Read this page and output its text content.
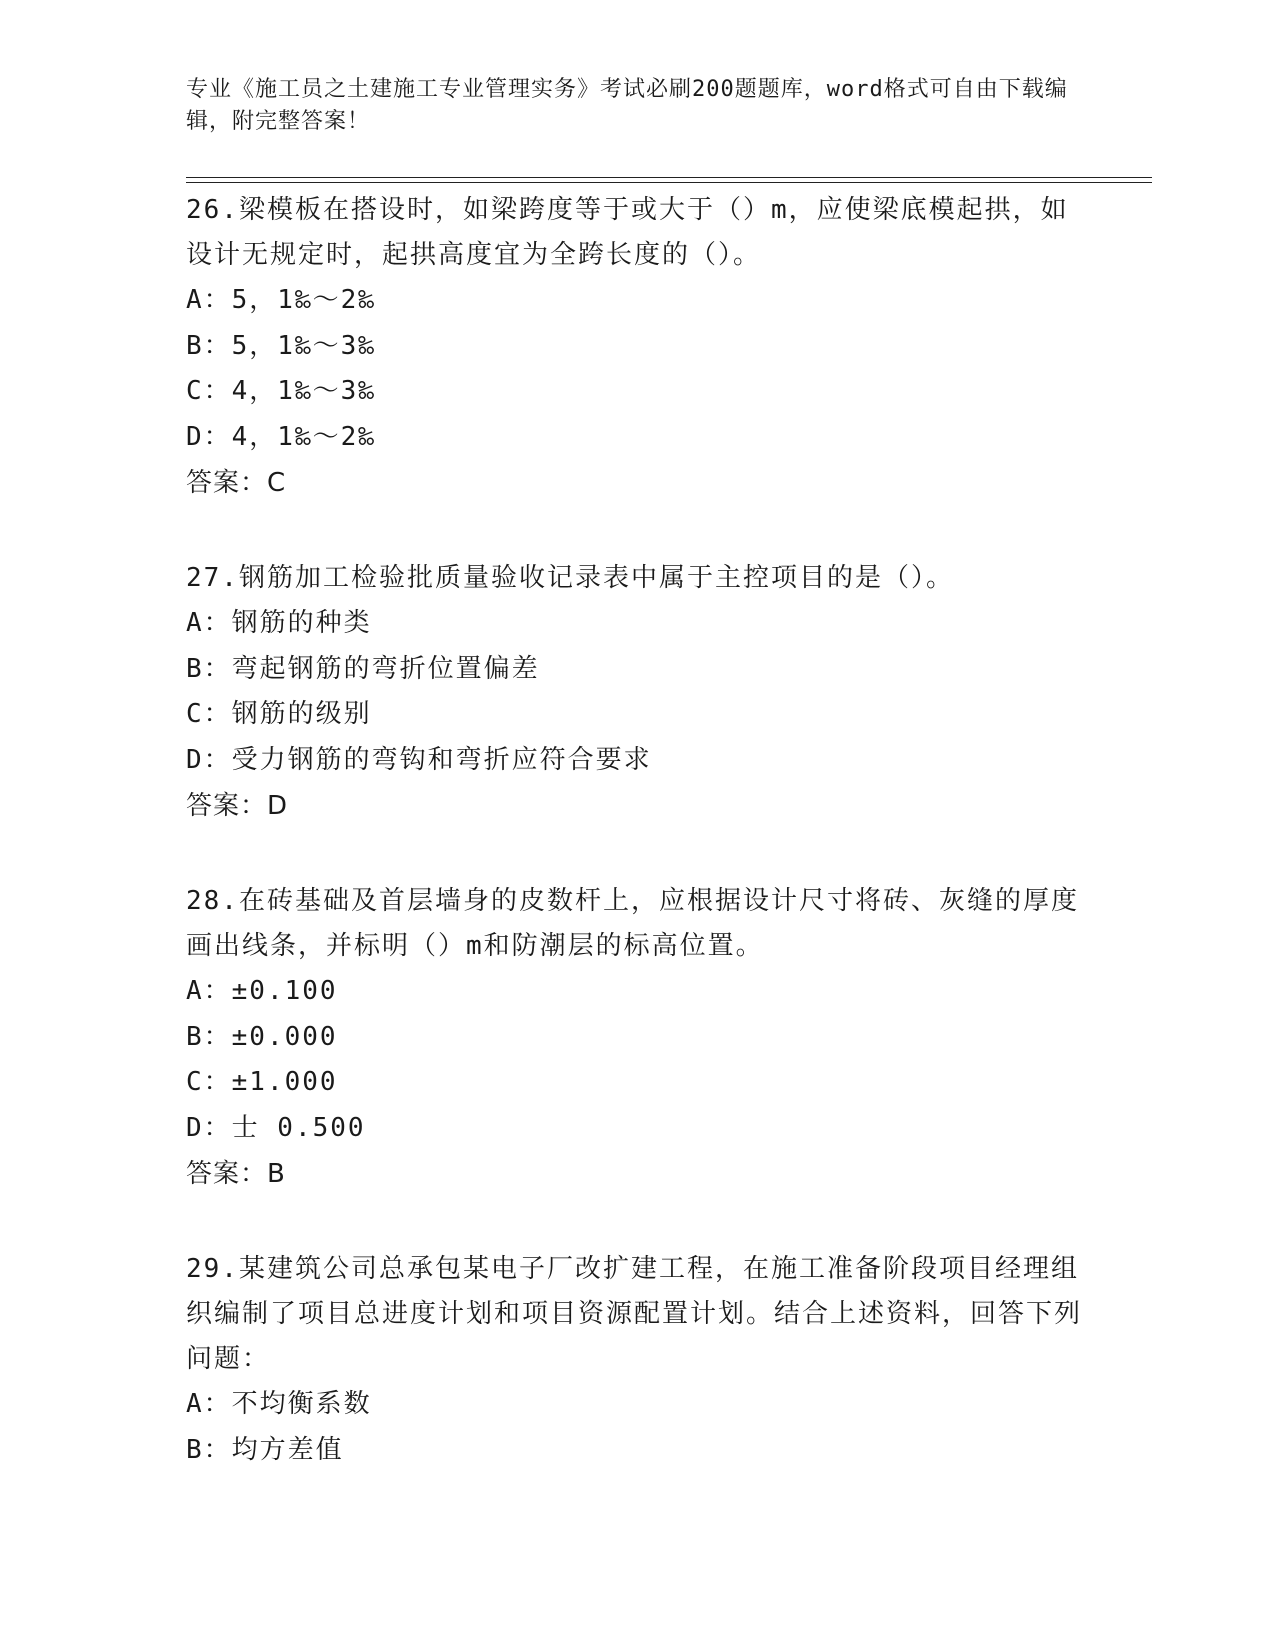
专业《施工员之土建施工专业管理实务》考试必刷200题题库，word格式可自由下载编辑，附完整答案！

26.梁模板在搭设时，如梁跨度等于或大于（）m，应使梁底模起拱，如设计无规定时，起拱高度宜为全跨长度的（）。

A：5，1‰～2‰
B：5，1‰～3‰
C：4，1‰～3‰
D：4，1‰～2‰
答案：C

27.钢筋加工检验批质量验收记录表中属于主控项目的是（）。

A：钢筋的种类
B：弯起钢筋的弯折位置偏差
C：钢筋的级别
D：受力钢筋的弯钩和弯折应符合要求
答案：D

28.在砖基础及首层墙身的皮数杆上，应根据设计尺寸将砖、灰缝的厚度画出线条，并标明（）m和防潮层的标高位置。

A：±0.100
B：±0.000
C：±1.000
D：士 0.500
答案：B

29.某建筑公司总承包某电子厂改扩建工程，在施工准备阶段项目经理组织编制了项目总进度计划和项目资源配置计划。结合上述资料，回答下列问题：

A：不均衡系数
B：均方差值
